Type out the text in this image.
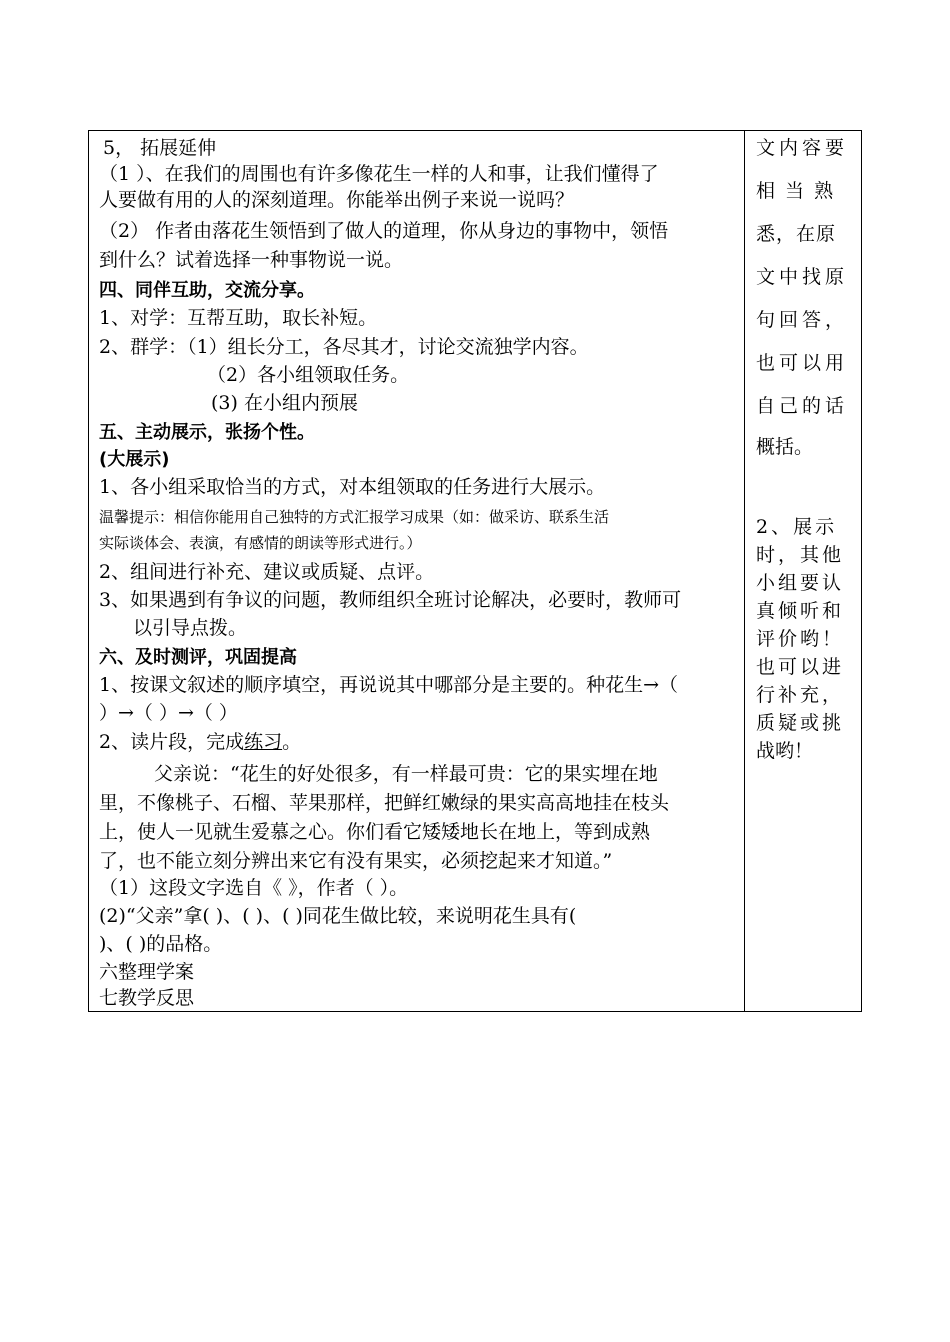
5， 拓展延伸
（1 ）、在我们的周围也有许多像花生一样的人和事，让我们懂得了
人要做有用的人的深刻道理。你能举出例子来说一说吗？
（2） 作者由落花生领悟到了做人的道理，你从身边的事物中，领悟
到什么？试着选择一种事物说一说。
四、同伴互助，交流分享。
1、对学：互帮互助，取长补短。
2、群学：（1）组长分工，各尽其才，讨论交流独学内容。
（2）各小组领取任务。
(3) 在小组内预展
五、主动展示，张扬个性。
(大展示)
1、各小组采取恰当的方式，对本组领取的任务进行大展示。
温馨提示：相信你能用自己独特的方式汇报学习成果（如：做采访、联系生活
实际谈体会、表演，有感情的朗读等形式进行。）
2、组间进行补充、建议或质疑、点评。
3、如果遇到有争议的问题，教师组织全班讨论解决，必要时，教师可
以引导点拨。
六、及时测评，巩固提高
1、按课文叙述的顺序填空，再说说其中哪部分是主要的。种花生→（
）→（ ）→（ ）
2、读片段，完成练习。
父亲说：“花生的好处很多，有一样最可贵：它的果实埋在地
里，不像桃子、石榴、苹果那样，把鲜红嫩绿的果实高高地挂在枝头
上，使人一见就生爱慕之心。你们看它矮矮地长在地上，等到成熟
了，也不能立刻分辨出来它有没有果实，必须挖起来才知道。”
（1）这段文字选自《 》，作者（ ）。
(2)“父亲”拿( )、( )、( )同花生做比较，来说明花生具有(
)、( )的品格。
六整理学案
七教学反思
文内容要
相 当 熟
悉，在原
文中找原
句回答，
也可以用
自己的话
概括。
2、展示
时，其他
小组要认
真倾听和
评价哟！
也可以进
行补充，
质疑或挑
战哟！
